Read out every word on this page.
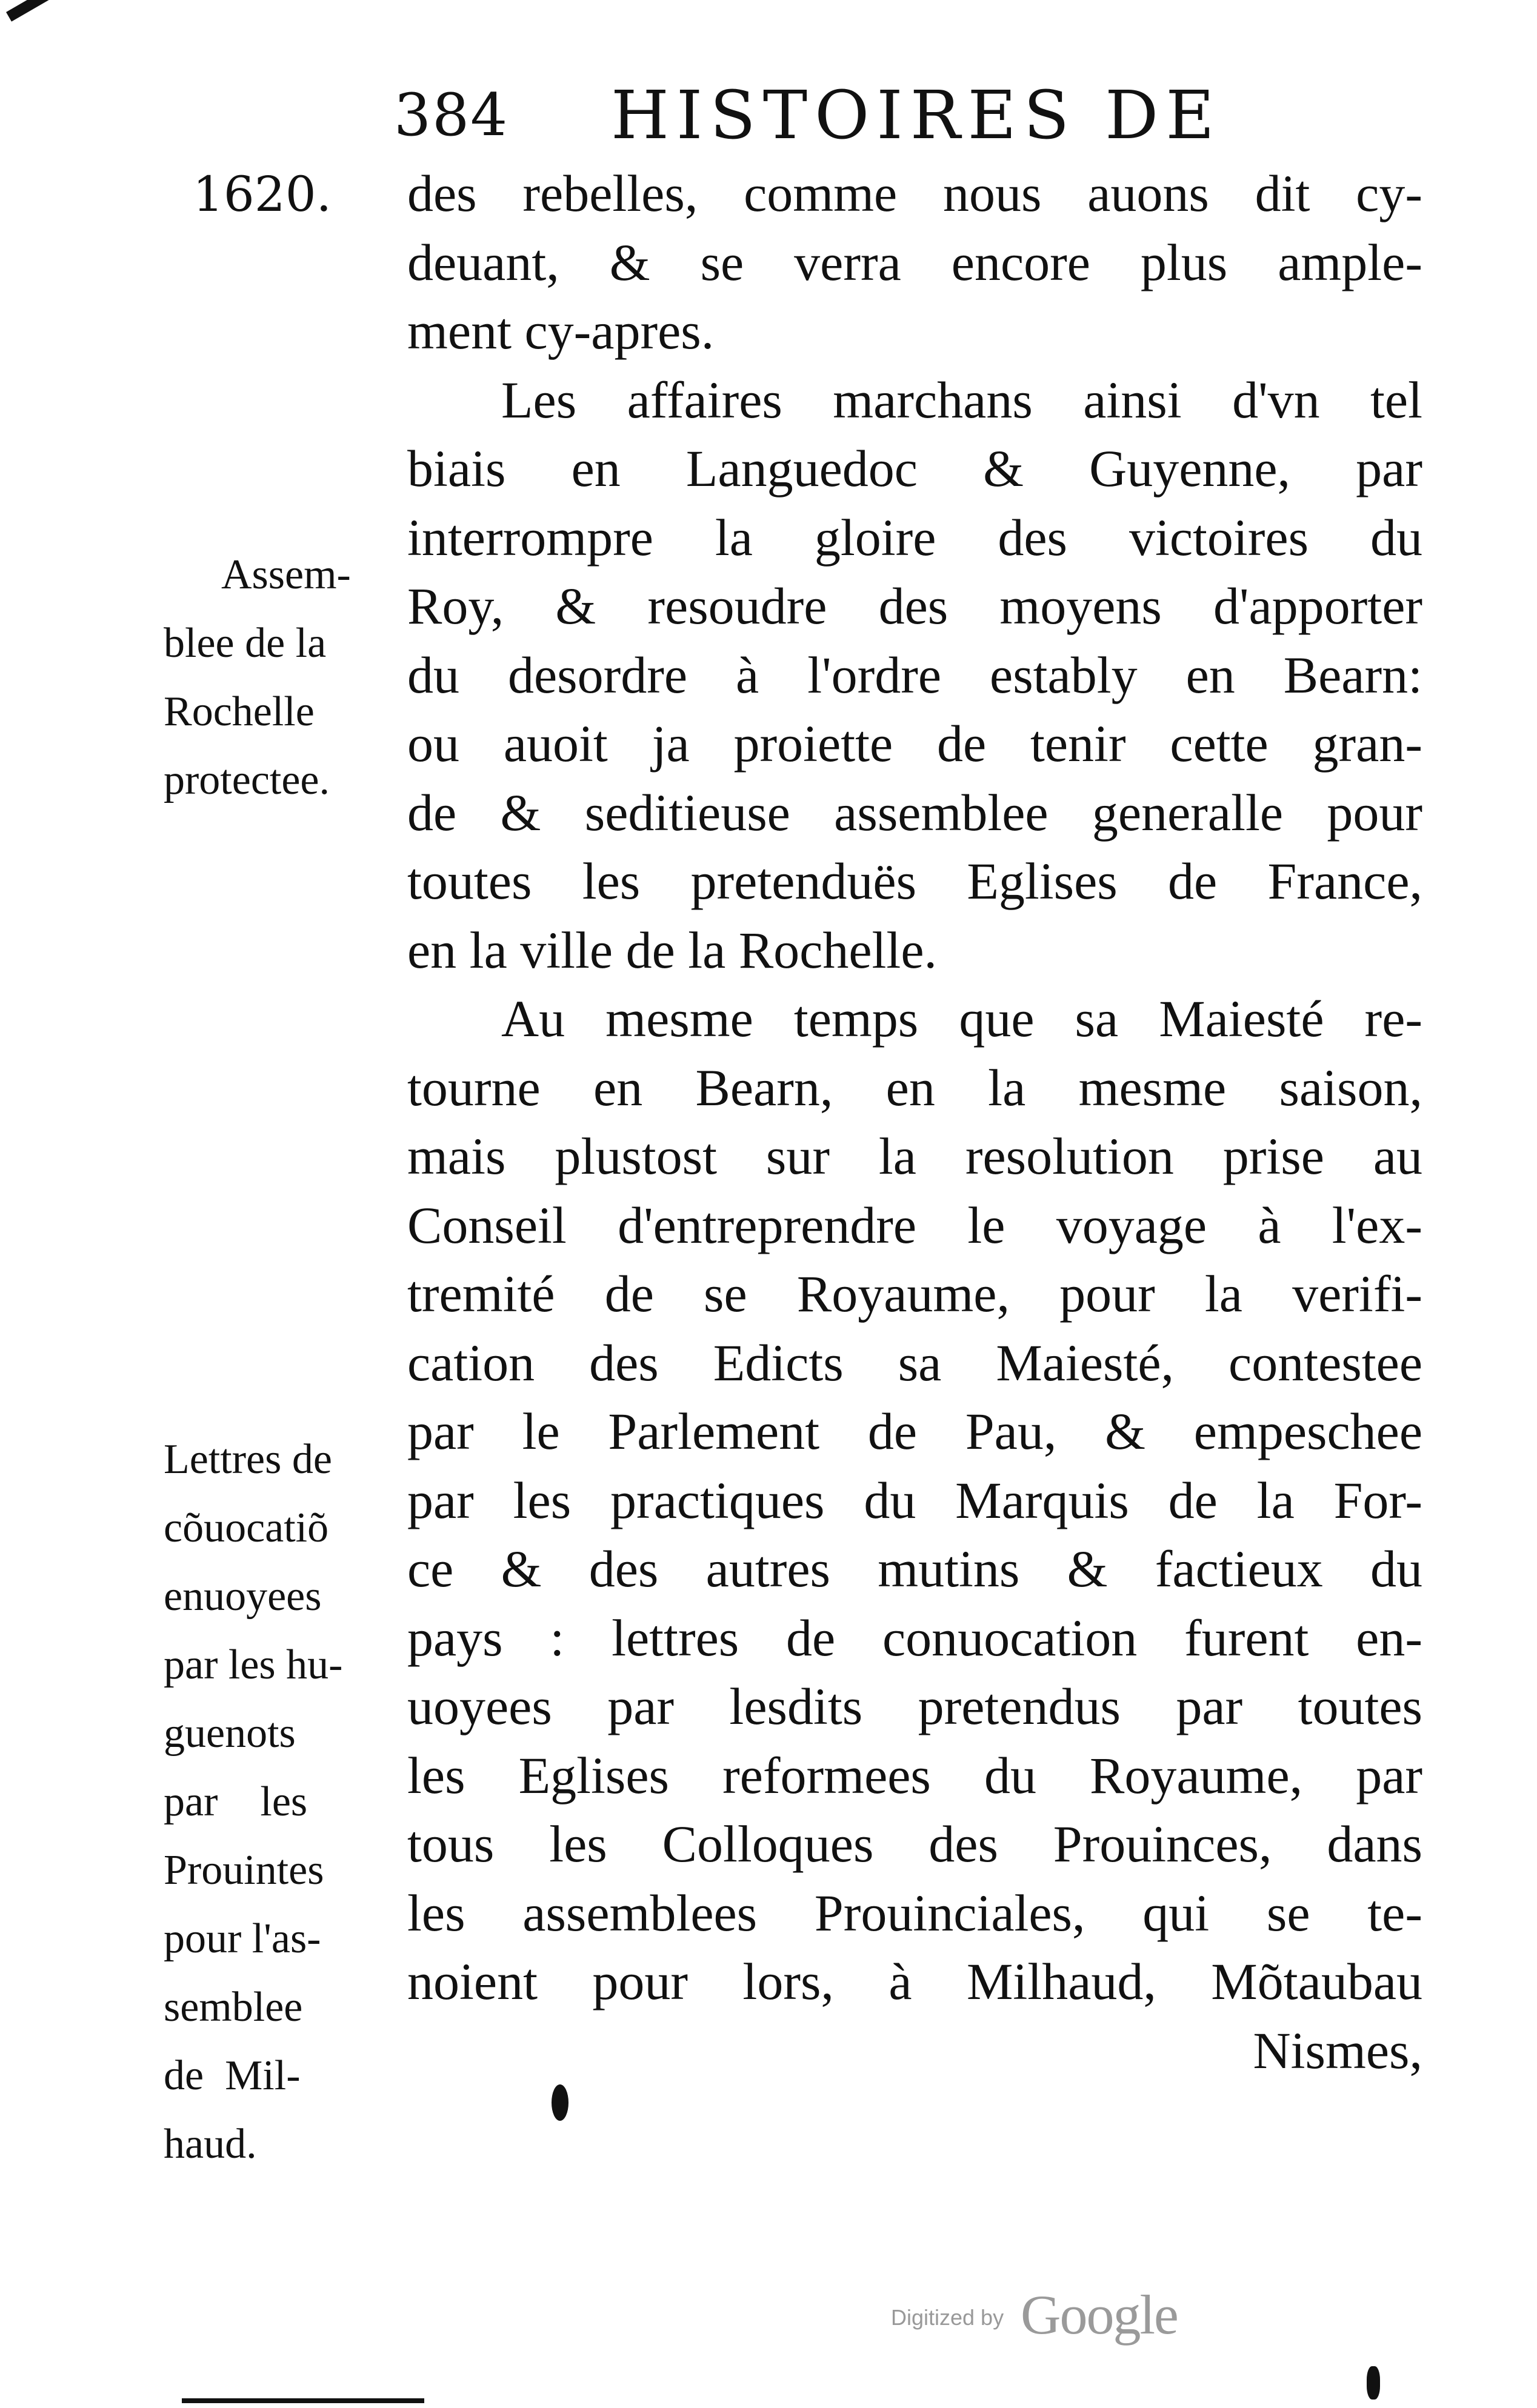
384 HISTOIRES DE
1620.
Assem-
blee de la
Rochelle
protectee.
Lettres de
cõuocatiõ
enuoyees
par les hu-
guenots
par    les
Prouintes
pour l'as-
semblee
de  Mil-
haud.
des rebelles, comme nous auons dit cy-
deuant, & se verra encore plus ample-
ment cy-apres.
Les affaires marchans ainsi d'vn tel
biais en Languedoc & Guyenne, par
interrompre la gloire des victoires du
Roy, & resoudre des moyens d'apporter
du desordre à l'ordre estably en Bearn:
ou auoit ja proiette de tenir cette gran-
de & seditieuse assemblee generalle pour
toutes les pretenduës Eglises de France,
en la ville de la Rochelle.
Au mesme temps que sa Maiesté re-
tourne en Bearn, en la mesme saison,
mais plustost sur la resolution prise au
Conseil d'entreprendre le voyage à l'ex-
tremité de se Royaume, pour la verifi-
cation des Edicts sa Maiesté, contestee
par le Parlement de Pau, & empeschee
par les practiques du Marquis de la For-
ce & des autres mutins & factieux du
pays : lettres de conuocation furent en-
uoyees par lesdits pretendus par toutes
les Eglises reformees du Royaume, par
tous les Colloques des Prouinces, dans
les assemblees Prouinciales, qui se te-
noient pour lors, à Milhaud, Mõtaubau
Nismes,
Digitized by Google
